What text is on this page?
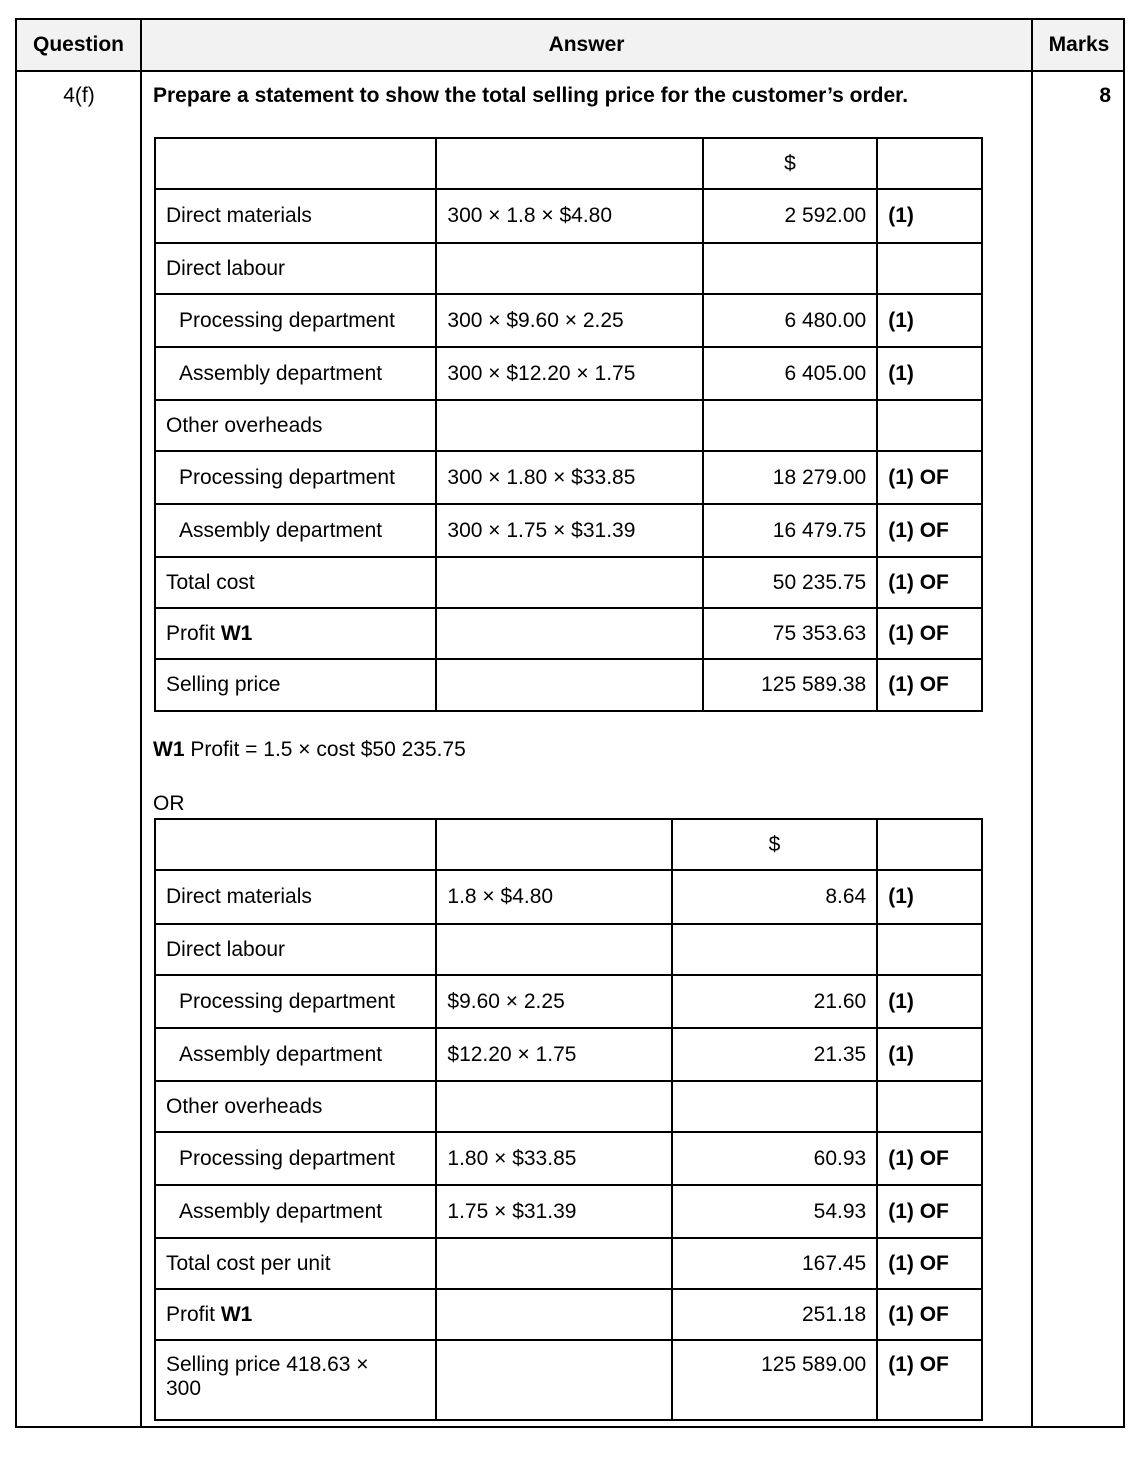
Question	Answer	Marks
4(f)	Prepare a statement to show the total selling price for the customer’s order.	8
		$	
Direct materials	300 × 1.8 × $4.80	2 592.00	(1)
Direct labour			
Processing department	300 × $9.60 × 2.25	6 480.00	(1)
Assembly department	300 × $12.20 × 1.75	6 405.00	(1)
Other overheads			
Processing department	300 × 1.80 × $33.85	18 279.00	(1) OF
Assembly department	300 × 1.75 × $31.39	16 479.75	(1) OF
Total cost		50 235.75	(1) OF
Profit W1		75 353.63	(1) OF
Selling price		125 589.38	(1) OF
W1 Profit = 1.5 × cost $50 235.75
OR
		$	
Direct materials	1.8 × $4.80	8.64	(1)
Direct labour			
Processing department	$9.60 × 2.25	21.60	(1)
Assembly department	$12.20 × 1.75	21.35	(1)
Other overheads			
Processing department	1.80 × $33.85	60.93	(1) OF
Assembly department	1.75 × $31.39	54.93	(1) OF
Total cost per unit		167.45	(1) OF
Profit W1		251.18	(1) OF
Selling price 418.63 × 300		125 589.00	(1) OF
